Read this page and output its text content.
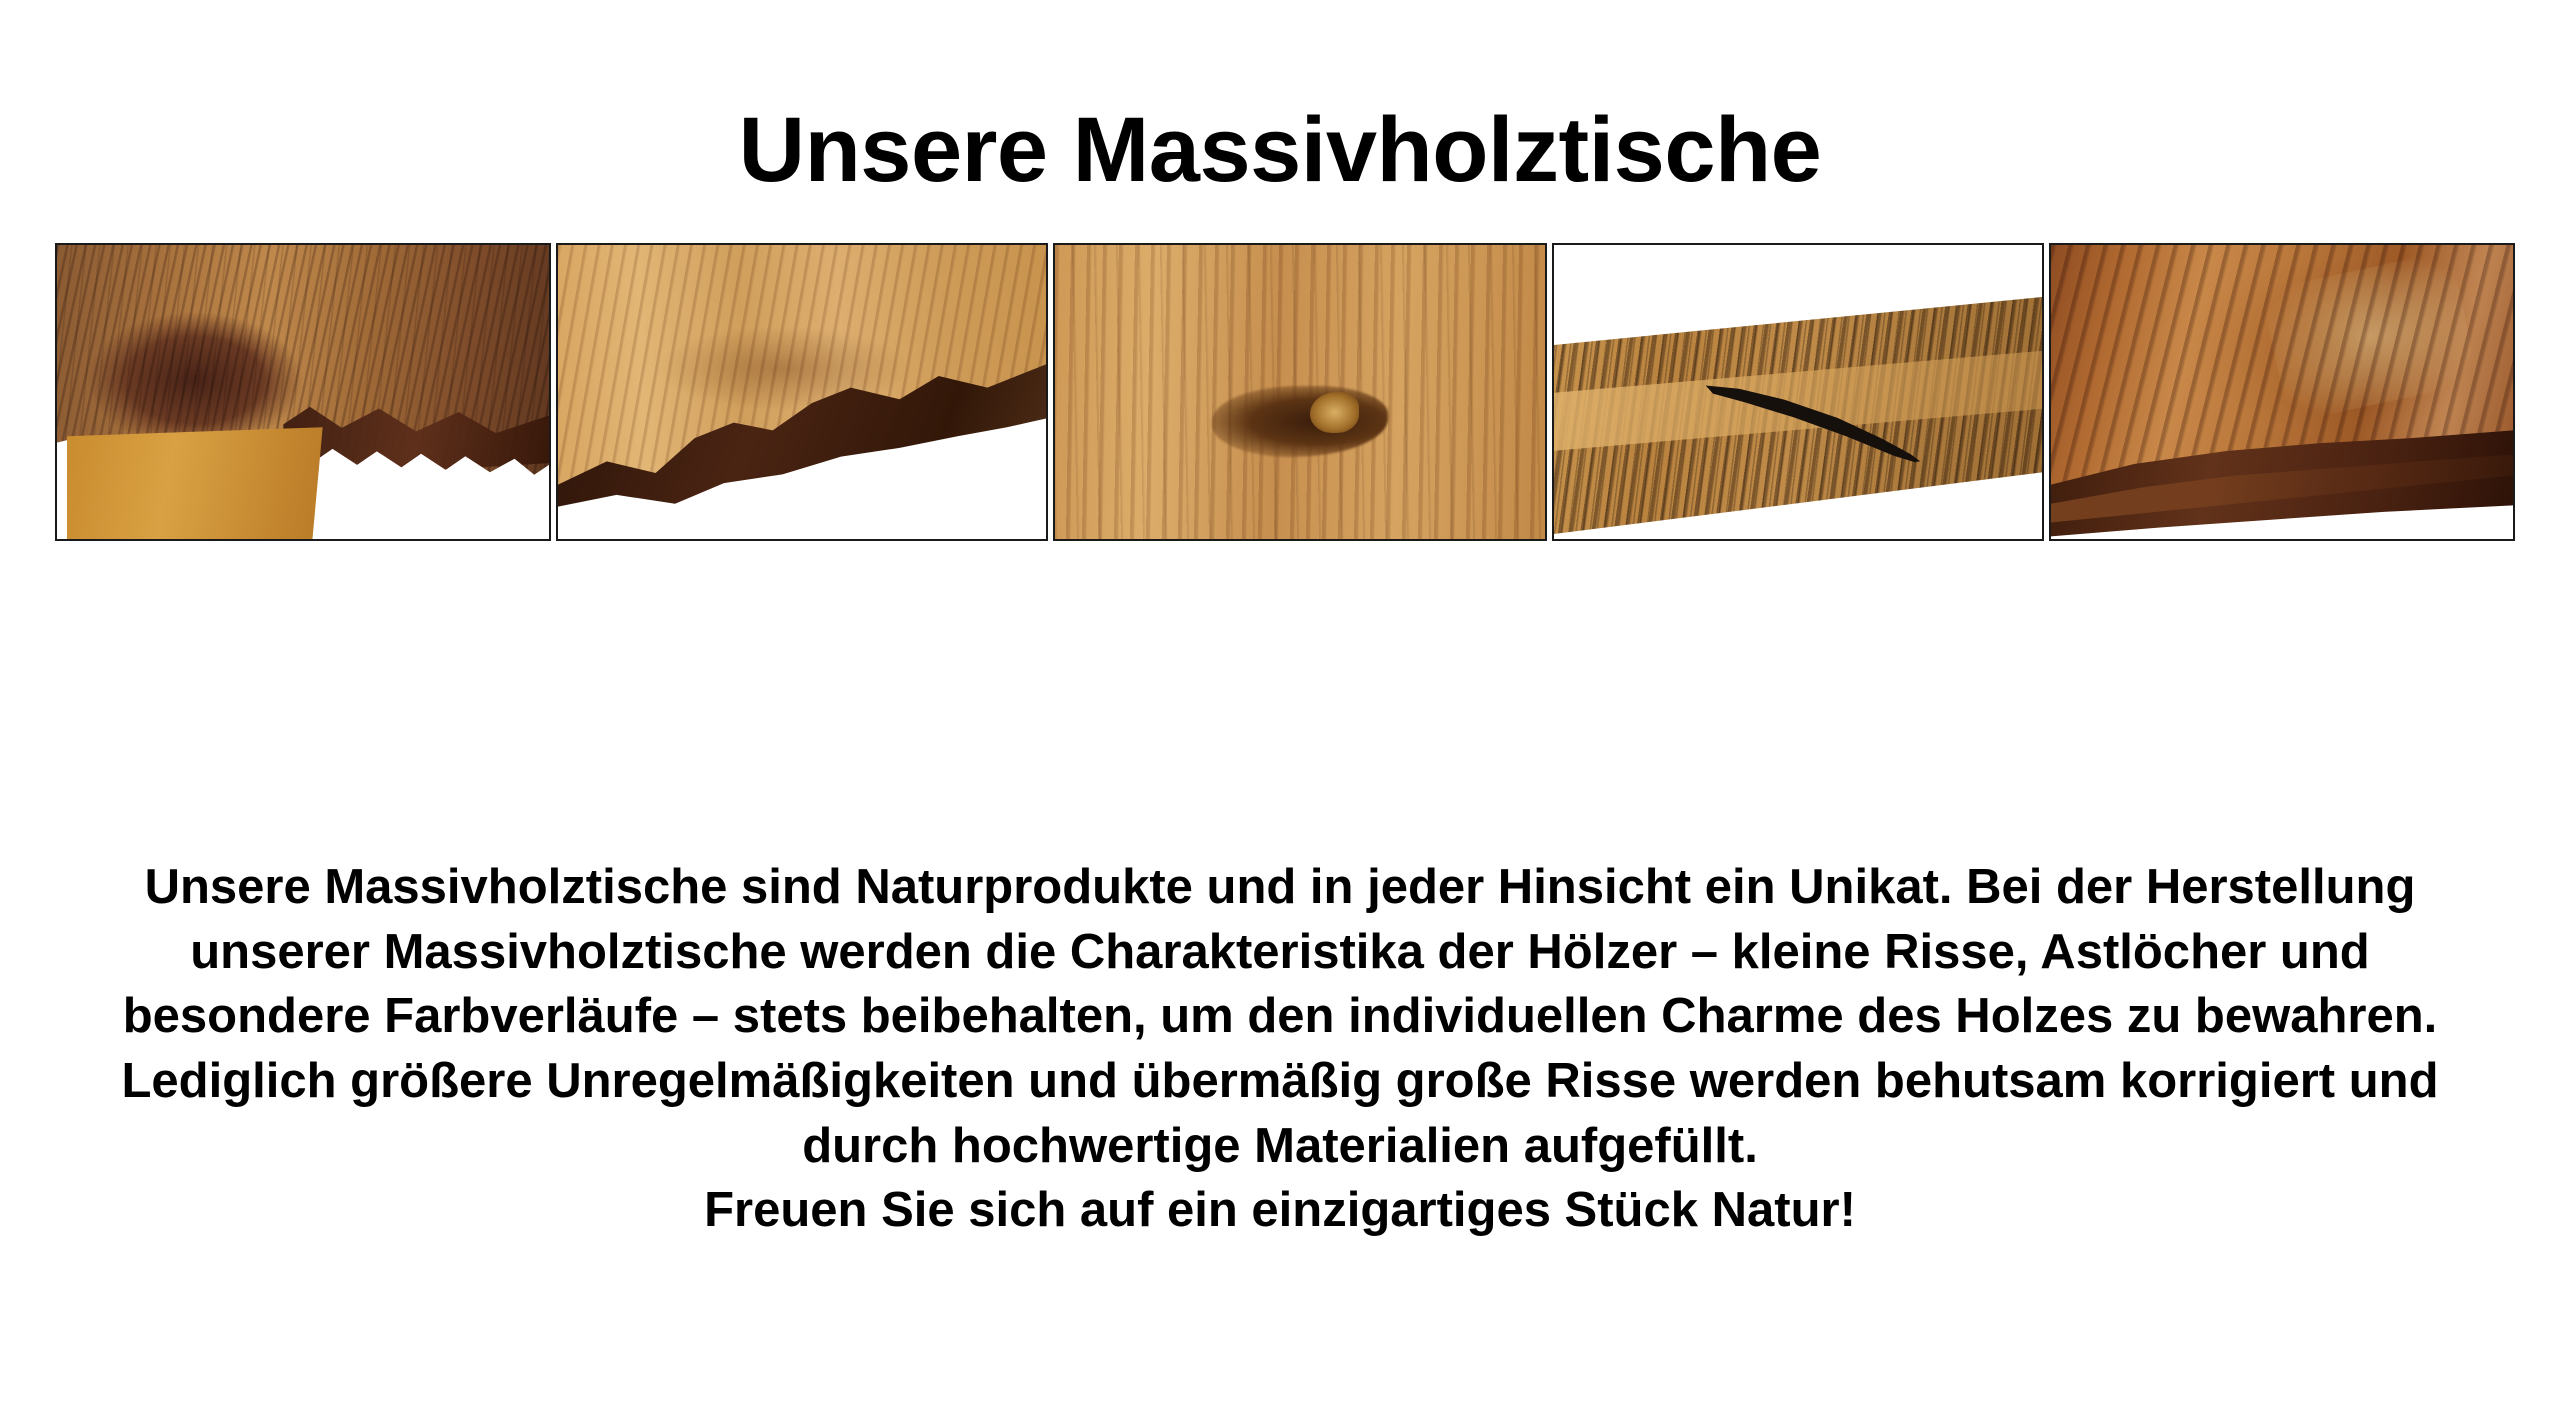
Unsere Massivholztische
Unsere Massivholztische sind Naturprodukte und in jeder Hinsicht ein Unikat. Bei der Herstellung unserer Massivholztische werden die Charakteristika der Hölzer – kleine Risse, Astlöcher und besondere Farbverläufe – stets beibehalten, um den individuellen Charme des Holzes zu bewahren. Lediglich größere Unregelmäßigkeiten und übermäßig große Risse werden behutsam korrigiert und durch hochwertige Materialien aufgefüllt.
Freuen Sie sich auf ein einzigartiges Stück Natur!
